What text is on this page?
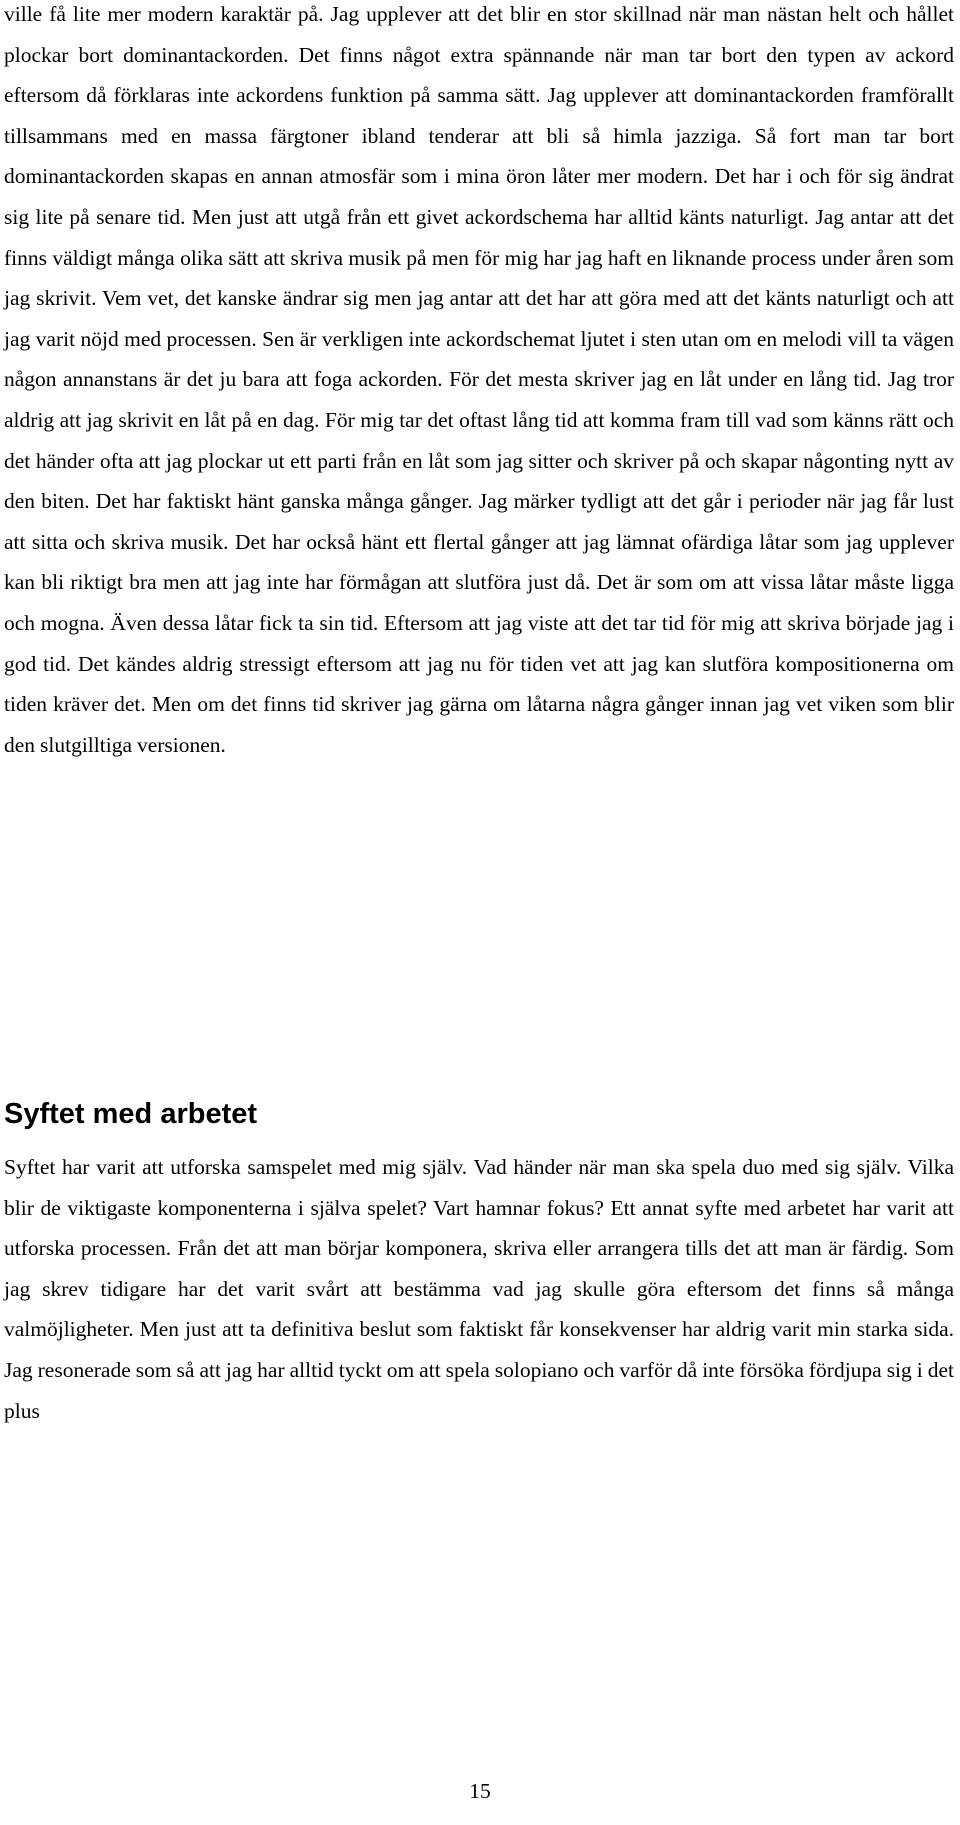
ville få lite mer modern karaktär på. Jag upplever att det blir en stor skillnad när man nästan helt och hållet plockar bort dominantackorden. Det finns något extra spännande när man tar bort den typen av ackord eftersom då förklaras inte ackordens funktion på samma sätt. Jag upplever att dominantackorden framförallt tillsammans med en massa färgtoner ibland tenderar att bli så himla jazziga. Så fort man tar bort dominantackorden skapas en annan atmosfär som i mina öron låter mer modern. Det har i och för sig ändrat sig lite på senare tid. Men just att utgå från ett givet ackordschema har alltid känts naturligt. Jag antar att det finns väldigt många olika sätt att skriva musik på men för mig har jag haft en liknande process under åren som jag skrivit. Vem vet, det kanske ändrar sig men jag antar att det har att göra med att det känts naturligt och att jag varit nöjd med processen. Sen är verkligen inte ackordschemat ljutet i sten utan om en melodi vill ta vägen någon annanstans är det ju bara att foga ackorden. För det mesta skriver jag en låt under en lång tid. Jag tror aldrig att jag skrivit en låt på en dag. För mig tar det oftast lång tid att komma fram till vad som känns rätt och det händer ofta att jag plockar ut ett parti från en låt som jag sitter och skriver på och skapar någonting nytt av den biten. Det har faktiskt hänt ganska många gånger. Jag märker tydligt att det går i perioder när jag får lust att sitta och skriva musik. Det har också hänt ett flertal gånger att jag lämnat ofärdiga låtar som jag upplever kan bli riktigt bra men att jag inte har förmågan att slutföra just då. Det är som om att vissa låtar måste ligga och mogna. Även dessa låtar fick ta sin tid. Eftersom att jag viste att det tar tid för mig att skriva började jag i god tid. Det kändes aldrig stressigt eftersom att jag nu för tiden vet att jag kan slutföra kompositionerna om tiden kräver det. Men om det finns tid skriver jag gärna om låtarna några gånger innan jag vet viken som blir den slutgilltiga versionen.

Syftet med arbetet

Syftet har varit att utforska samspelet med mig själv. Vad händer när man ska spela duo med sig själv. Vilka blir de viktigaste komponenterna i själva spelet? Vart hamnar fokus? Ett annat syfte med arbetet har varit att utforska processen. Från det att man börjar komponera, skriva eller arrangera tills det att man är färdig. Som jag skrev tidigare har det varit svårt att bestämma vad jag skulle göra eftersom det finns så många valmöjligheter. Men just att ta definitiva beslut som faktiskt får konsekvenser har aldrig varit min starka sida. Jag resonerade som så att jag har alltid tyckt om att spela solopiano och varför då inte försöka fördjupa sig i det plus

15
